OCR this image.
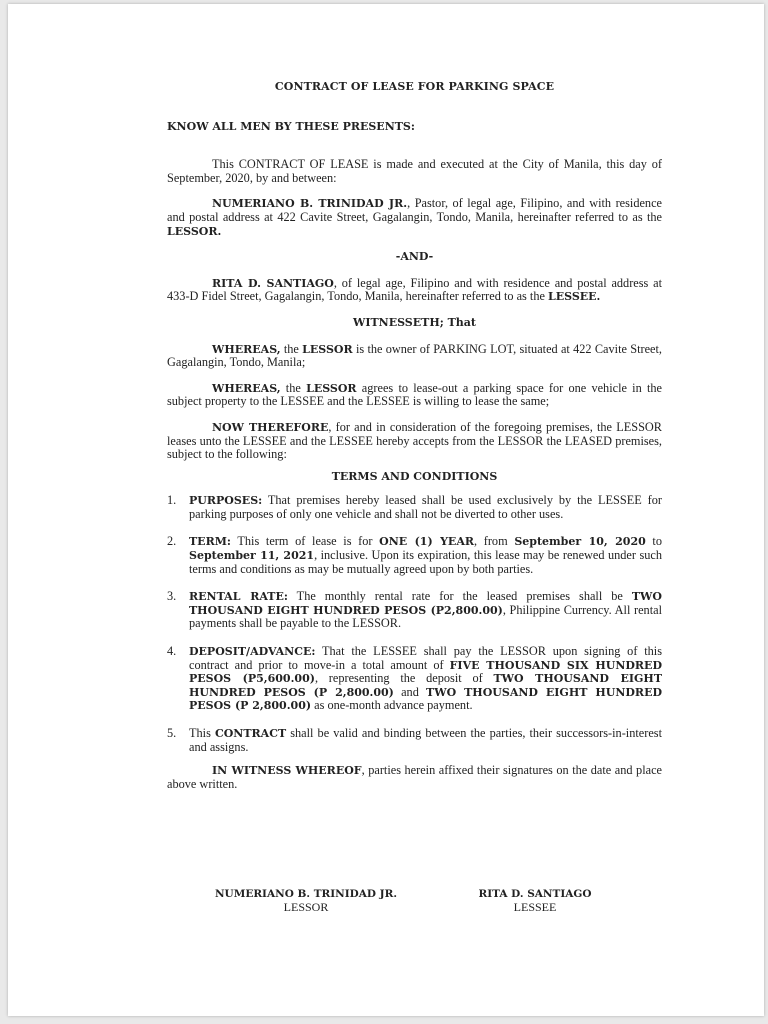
CONTRACT OF LEASE FOR PARKING SPACE
KNOW ALL MEN BY THESE PRESENTS:

This CONTRACT OF LEASE is made and executed at the City of Manila, this day of September, 2020, by and between:

NUMERIANO B. TRINIDAD JR., Pastor, of legal age, Filipino, and with residence and postal address at 422 Cavite Street, Gagalangin, Tondo, Manila, hereinafter referred to as the LESSOR.

-AND-

RITA D. SANTIAGO, of legal age, Filipino and with residence and postal address at 433-D Fidel Street, Gagalangin, Tondo, Manila, hereinafter referred to as the LESSEE.

WITNESSETH; That

WHEREAS, the LESSOR is the owner of PARKING LOT, situated at 422 Cavite Street, Gagalangin, Tondo, Manila;

WHEREAS, the LESSOR agrees to lease-out a parking space for one vehicle in the subject property to the LESSEE and the LESSEE is willing to lease the same;

NOW THEREFORE, for and in consideration of the foregoing premises, the LESSOR leases unto the LESSEE and the LESSEE hereby accepts from the LESSOR the LEASED premises, subject to the following:

TERMS AND CONDITIONS
1. PURPOSES: That premises hereby leased shall be used exclusively by the LESSEE for parking purposes of only one vehicle and shall not be diverted to other uses.
2. TERM: This term of lease is for ONE (1) YEAR, from September 10, 2020 to September 11, 2021, inclusive. Upon its expiration, this lease may be renewed under such terms and conditions as may be mutually agreed upon by both parties.
3. RENTAL RATE: The monthly rental rate for the leased premises shall be TWO THOUSAND EIGHT HUNDRED PESOS (P2,800.00), Philippine Currency. All rental payments shall be payable to the LESSOR.
4. DEPOSIT/ADVANCE: That the LESSEE shall pay the LESSOR upon signing of this contract and prior to move-in a total amount of FIVE THOUSAND SIX HUNDRED PESOS (P5,600.00), representing the deposit of TWO THOUSAND EIGHT HUNDRED PESOS (P 2,800.00) and TWO THOUSAND EIGHT HUNDRED PESOS (P 2,800.00) as one-month advance payment.
5. This CONTRACT shall be valid and binding between the parties, their successors-in-interest and assigns.

IN WITNESS WHEREOF, parties herein affixed their signatures on the date and place above written.

NUMERIANO B. TRINIDAD JR.
LESSOR
RITA D. SANTIAGO
LESSEE
